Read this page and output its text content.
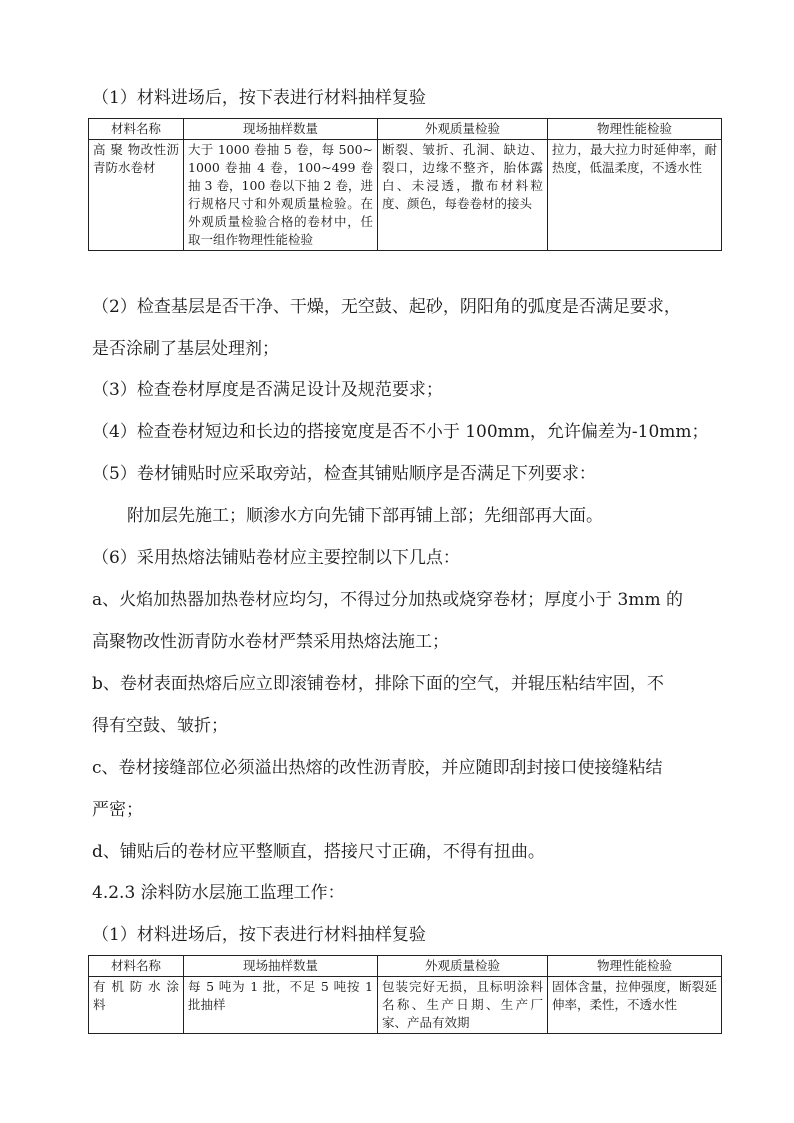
（1）材料进场后，按下表进行材料抽样复验
材料名称	现场抽样数量	外观质量检验	物理性能检验
高 聚 物改性沥青防水卷材	大于 1000 卷抽 5 卷，每 500~1000 卷抽 4 卷，100~499 卷抽 3 卷，100 卷以下抽 2 卷，进行规格尺寸和外观质量检验。在外观质量检验合格的卷材中，任取一组作物理性能检验	断裂、皱折、孔洞、缺边、裂口，边缘不整齐，胎体露白、未浸透，撒布材料粒度、颜色，每卷卷材的接头	拉力，最大拉力时延伸率，耐热度，低温柔度，不透水性
（2）检查基层是否干净、干燥，无空鼓、起砂，阴阳角的弧度是否满足要求，
是否涂刷了基层处理剂；
（3）检查卷材厚度是否满足设计及规范要求；
（4）检查卷材短边和长边的搭接宽度是否不小于 100mm，允许偏差为-10mm；
（5）卷材铺贴时应采取旁站，检查其铺贴顺序是否满足下列要求：
附加层先施工；顺渗水方向先铺下部再铺上部；先细部再大面。
（6）采用热熔法铺贴卷材应主要控制以下几点：
a、火焰加热器加热卷材应均匀，不得过分加热或烧穿卷材；厚度小于 3mm 的
高聚物改性沥青防水卷材严禁采用热熔法施工；
b、卷材表面热熔后应立即滚铺卷材，排除下面的空气，并辊压粘结牢固，不
得有空鼓、皱折；
c、卷材接缝部位必须溢出热熔的改性沥青胶，并应随即刮封接口使接缝粘结
严密；
d、铺贴后的卷材应平整顺直，搭接尺寸正确，不得有扭曲。
4.2.3 涂料防水层施工监理工作：
（1）材料进场后，按下表进行材料抽样复验
材料名称	现场抽样数量	外观质量检验	物理性能检验
有 机 防 水 涂 料	每 5 吨为 1 批，不足 5 吨按 1 批抽样	包装完好无损，且标明涂料名称、生产日期、生产厂家、产品有效期	固体含量，拉伸强度，断裂延伸率，柔性，不透水性
